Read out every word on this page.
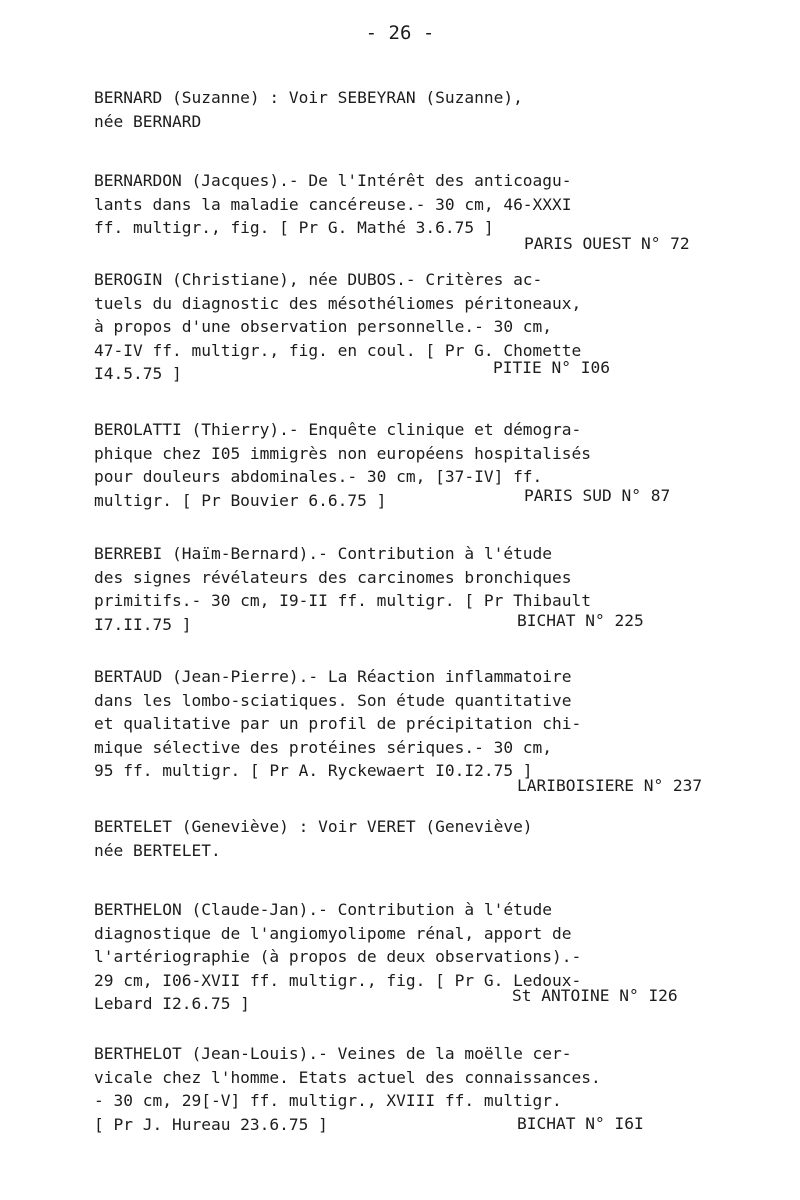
- 26 -
BERNARD (Suzanne) : Voir SEBEYRAN (Suzanne),
née BERNARD
BERNARDON (Jacques).- De l'Intérêt des anticoagu-
lants dans la maladie cancéreuse.- 30 cm, 46-XXXI
ff. multigr., fig. [ Pr G. Mathé 3.6.75 ]
PARIS OUEST N° 72
BEROGIN (Christiane), née DUBOS.- Critères ac-
tuels du diagnostic des mésothéliomes péritoneaux,
à propos d'une observation personnelle.- 30 cm,
47-IV ff. multigr., fig. en coul. [ Pr G. Chomette
I4.5.75 ]	PITIE N° I06
BEROLATTI (Thierry).- Enquête clinique et démogra-
phique chez I05 immigrès non européens hospitalisés
pour douleurs abdominales.- 30 cm, [37-IV] ff.
multigr. [ Pr Bouvier 6.6.75 ]	PARIS SUD N° 87
BERREBI (Haïm-Bernard).- Contribution à l'étude
des signes révélateurs des carcinomes bronchiques
primitifs.- 30 cm, I9-II ff. multigr. [ Pr Thibault
I7.II.75 ]	BICHAT N° 225
BERTAUD (Jean-Pierre).- La Réaction inflammatoire
dans les lombo-sciatiques. Son étude quantitative
et qualitative par un profil de précipitation chi-
mique sélective des protéines sériques.- 30 cm,
95 ff. multigr. [ Pr A. Ryckewaert I0.I2.75 ]
LARIBOISIERE N° 237
BERTELET (Geneviève) : Voir VERET (Geneviève)
née BERTELET.
BERTHELON (Claude-Jan).- Contribution à l'étude
diagnostique de l'angiomyolipome rénal, apport de
l'artériographie (à propos de deux observations).-
29 cm, I06-XVII ff. multigr., fig. [ Pr G. Ledoux-
Lebard I2.6.75 ]	St ANTOINE N° I26
BERTHELOT (Jean-Louis).- Veines de la moëlle cer-
vicale chez l'homme. Etats actuel des connaissances.
- 30 cm, 29[-V] ff. multigr., XVIII ff. multigr.
[ Pr J. Hureau 23.6.75 ]	BICHAT N° I6I
